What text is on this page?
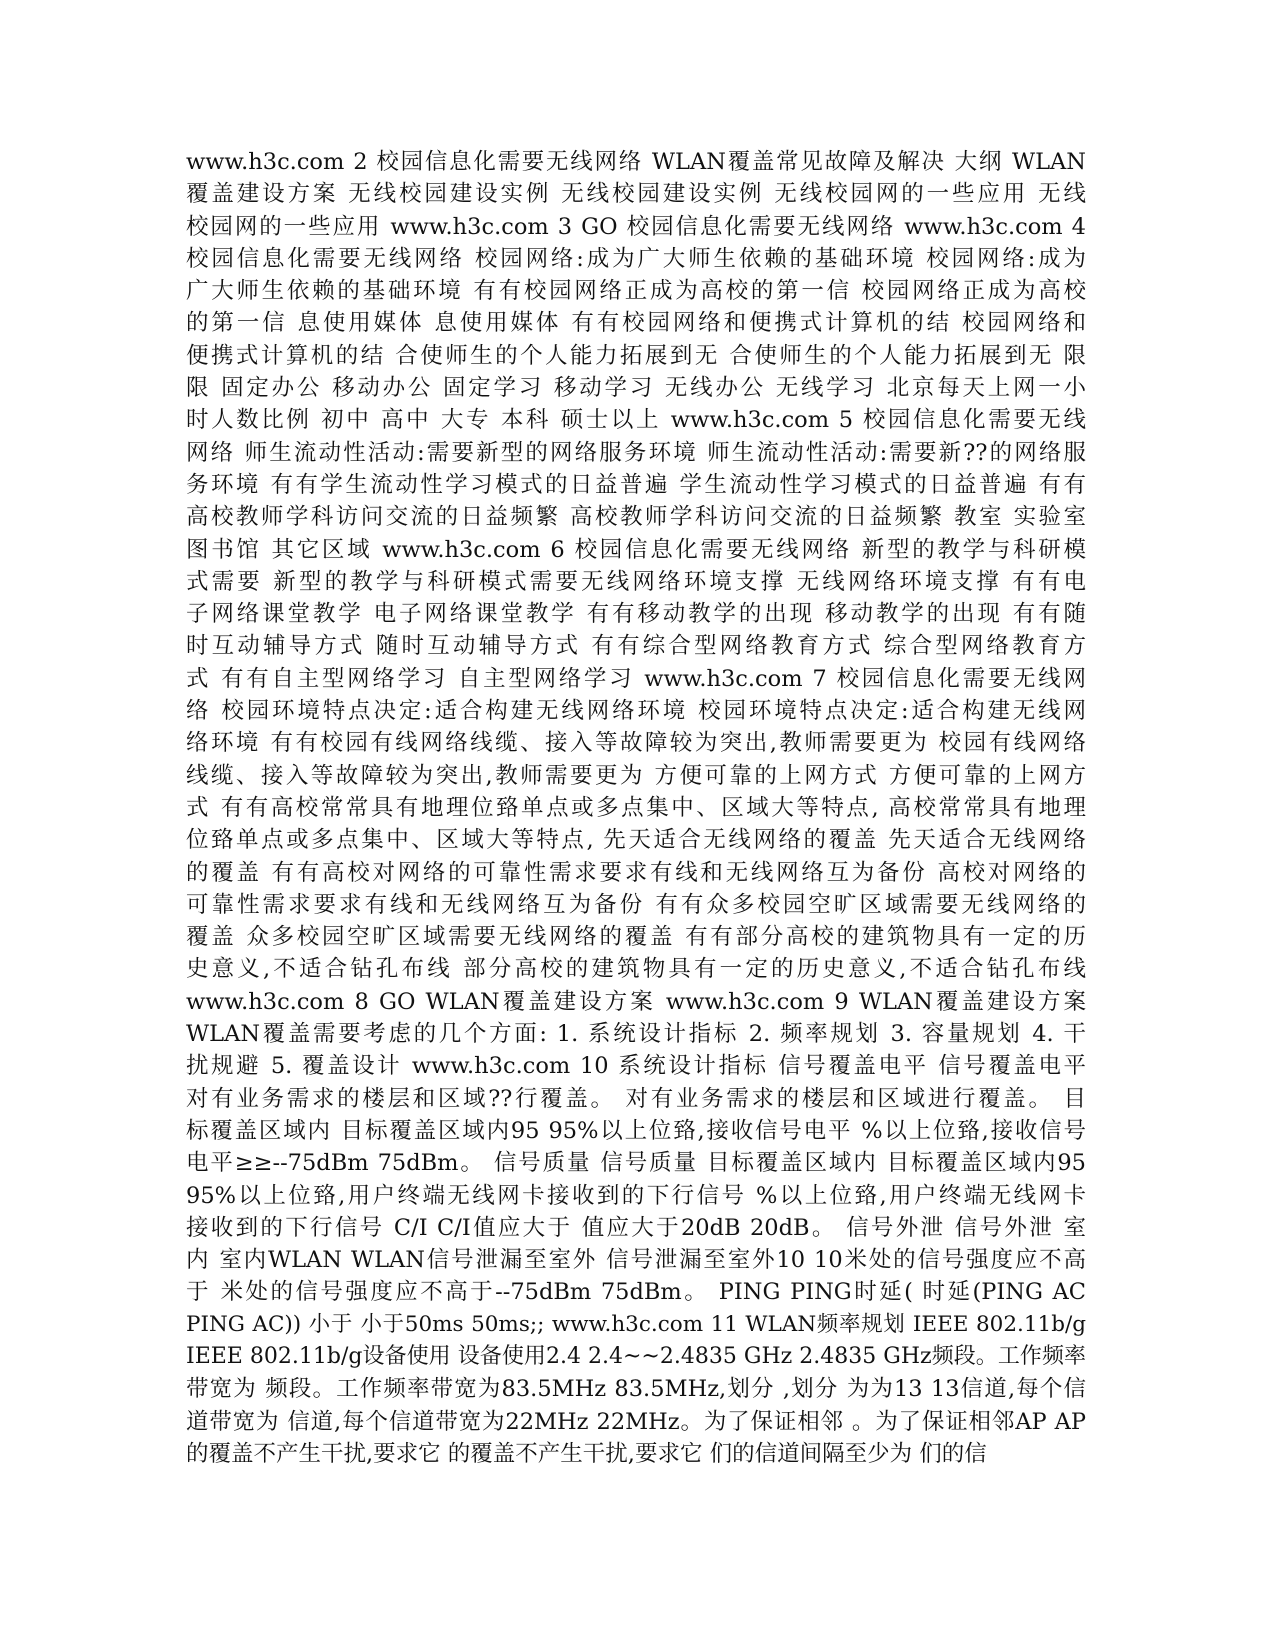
www.h3c.com 2 校园信息化需要无线网络 WLAN覆盖常见故障及解决 大纲 WLAN
覆盖建设方案 无线校园建设实例 无线校园建设实例 无线校园网的一些应用 无线
校园网的一些应用 www.h3c.com 3 GO 校园信息化需要无线网络 www.h3c.com 4
校园信息化需要无线网络 校园网络:成为广大师生依赖的基础环境 校园网络:成为
广大师生依赖的基础环境 有有校园网络正成为高校的第一信 校园网络正成为高校
的第一信 息使用媒体 息使用媒体 有有校园网络和便携式计算机的结 校园网络和
便携式计算机的结 合使师生的个人能力拓展到无 合使师生的个人能力拓展到无 限
限 固定办公 移动办公 固定学习 移动学习 无线办公 无线学习 北京每天上网一小
时人数比例 初中 高中 大专 本科 硕士以上 www.h3c.com 5 校园信息化需要无线
网络 师生流动性活动:需要新型的网络服务环境 师生流动性活动:需要新??的网络服
务环境 有有学生流动性学习模式的日益普遍 学生流动性学习模式的日益普遍 有有
高校教师学科访问交流的日益频繁 高校教师学科访问交流的日益频繁 教室 实验室
图书馆 其它区域 www.h3c.com 6 校园信息化需要无线网络 新型的教学与科研模
式需要 新型的教学与科研模式需要无线网络环境支撑 无线网络环境支撑 有有电
子网络课堂教学 电子网络课堂教学 有有移动教学的出现 移动教学的出现 有有随
时互动辅导方式 随时互动辅导方式 有有综合型网络教育方式 综合型网络教育方
式 有有自主型网络学习 自主型网络学习 www.h3c.com 7 校园信息化需要无线网
络 校园环境特点决定:适合构建无线网络环境 校园环境特点决定:适合构建无线网
络环境 有有校园有线网络线缆、接入等故障较为突出,教师需要更为 校园有线网络
线缆、接入等故障较为突出,教师需要更为 方便可靠的上网方式 方便可靠的上网方
式 有有高校常常具有地理位臵单点或多点集中、区域大等特点, 高校常常具有地理
位臵单点或多点集中、区域大等特点, 先天适合无线网络的覆盖 先天适合无线网络
的覆盖 有有高校对网络的可靠性需求要求有线和无线网络互为备份 高校对网络的
可靠性需求要求有线和无线网络互为备份 有有众多校园空旷区域需要无线网络的
覆盖 众多校园空旷区域需要无线网络的覆盖 有有部分高校的建筑物具有一定的历
史意义,不适合钻孔布线 部分高校的建筑物具有一定的历史意义,不适合钻孔布线
www.h3c.com 8 GO WLAN覆盖建设方案 www.h3c.com 9 WLAN覆盖建设方案
WLAN覆盖需要考虑的几个方面: 1. 系统设计指标 2. 频率规划 3. 容量规划 4. 干
扰规避 5. 覆盖设计 www.h3c.com 10 系统设计指标 信号覆盖电平 信号覆盖电平
对有业务需求的楼层和区域??行覆盖。 对有业务需求的楼层和区域进行覆盖。 目
标覆盖区域内 目标覆盖区域内95 95%以上位臵,接收信号电平 %以上位臵,接收信号
电平≥≥--75dBm 75dBm。 信号质量 信号质量 目标覆盖区域内 目标覆盖区域内95
95%以上位臵,用户终端无线网卡接收到的下行信号 %以上位臵,用户终端无线网卡
接收到的下行信号 C/I C/I值应大于 值应大于20dB 20dB。 信号外泄 信号外泄 室
内 室内WLAN WLAN信号泄漏至室外 信号泄漏至室外10 10米处的信号强度应不高
于 米处的信号强度应不高于--75dBm 75dBm。 PING PING时延( 时延(PING AC
PING AC)) 小于 小于50ms 50ms;; www.h3c.com 11 WLAN频率规划 IEEE 802.11b/g
IEEE 802.11b/g设备使用 设备使用2.4 2.4~~2.4835 GHz 2.4835 GHz频段。工作频率
带宽为 频段。工作频率带宽为83.5MHz 83.5MHz,划分 ,划分 为为13 13信道,每个信
道带宽为 信道,每个信道带宽为22MHz 22MHz。为了保证相邻 。为了保证相邻AP AP
的覆盖不产生干扰,要求它 的覆盖不产生干扰,要求它 们的信道间隔至少为 们的信
